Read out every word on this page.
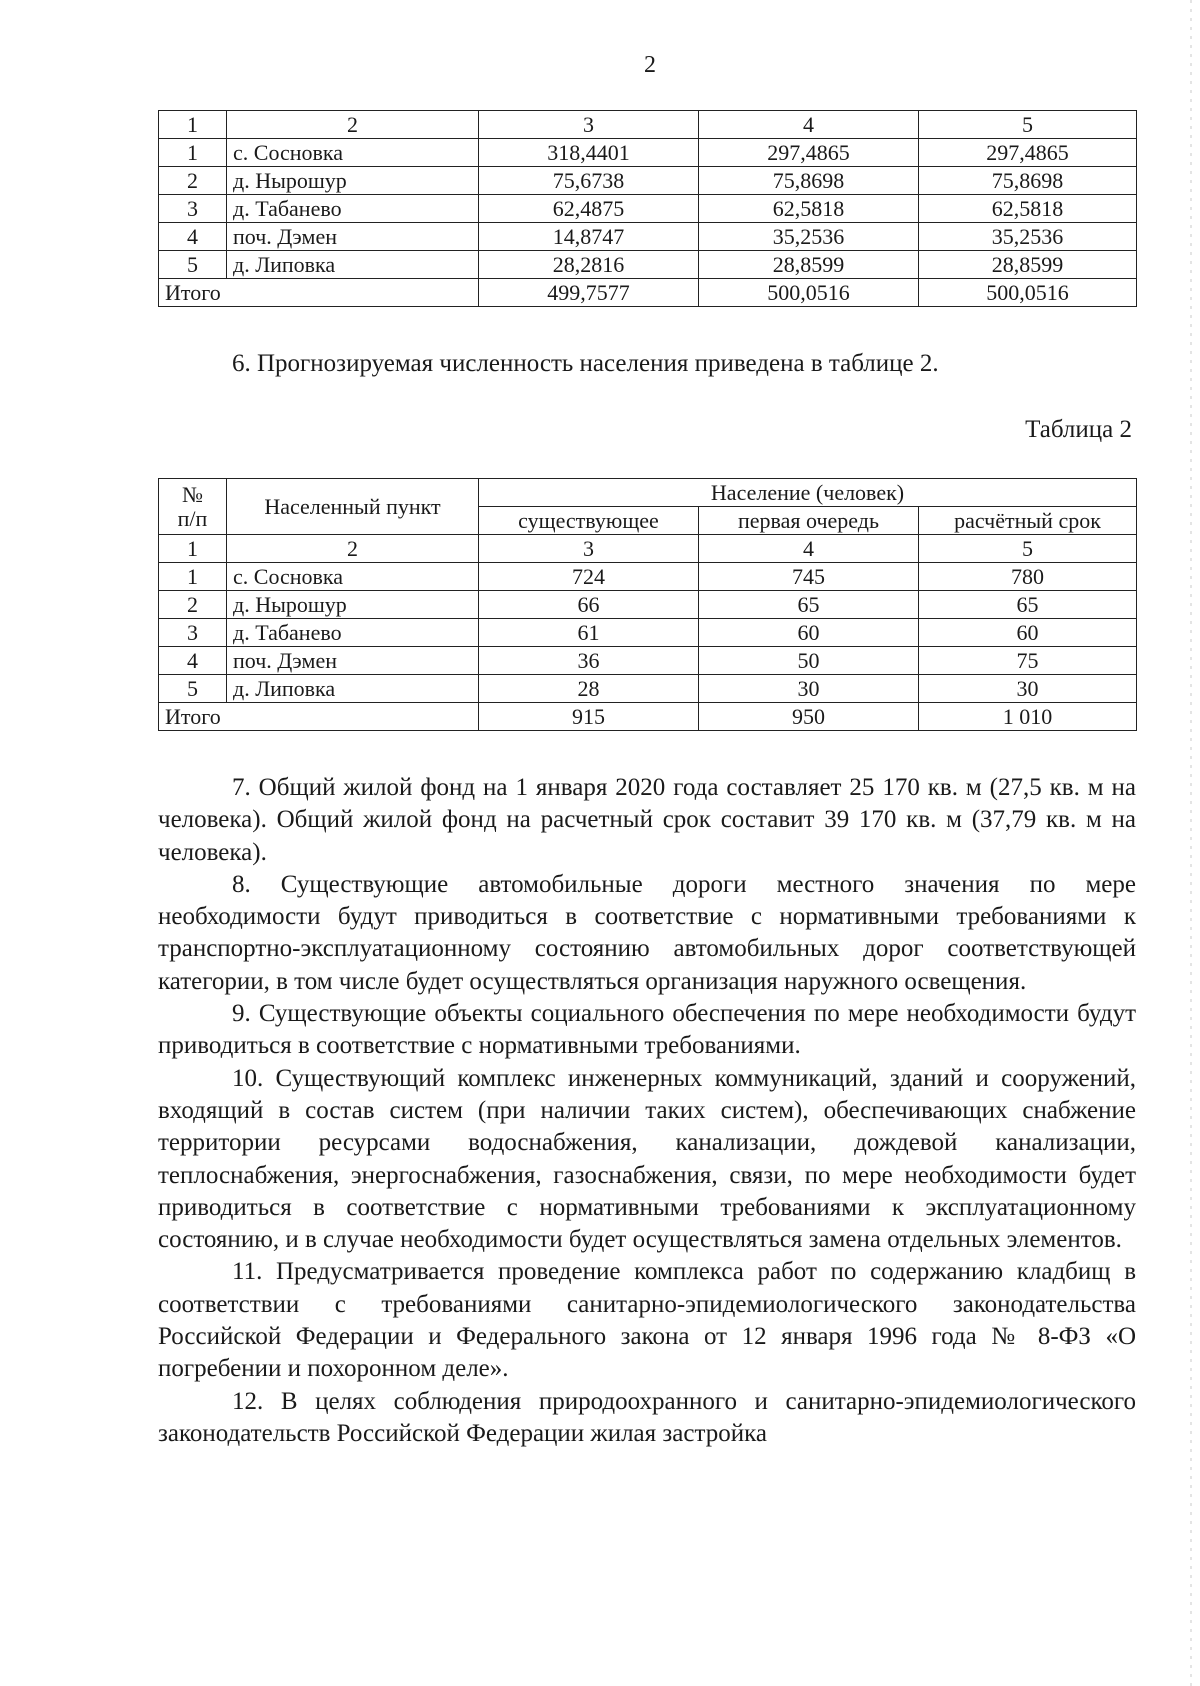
2
1	2	3	4	5
1	с. Сосновка	318,4401	297,4865	297,4865
2	д. Нырошур	75,6738	75,8698	75,8698
3	д. Табанево	62,4875	62,5818	62,5818
4	поч. Дэмен	14,8747	35,2536	35,2536
5	д. Липовка	28,2816	28,8599	28,8599
Итого		499,7577	500,0516	500,0516
6. Прогнозируемая численность населения приведена в таблице 2.
Таблица 2
№
п/п	Населенный пункт	Население (человек)		
		существующее	первая очередь	расчётный срок
1	2	3	4	5
1	с. Сосновка	724	745	780
2	д. Нырошур	66	65	65
3	д. Табанево	61	60	60
4	поч. Дэмен	36	50	75
5	д. Липовка	28	30	30
Итого		915	950	1 010

7. Общий жилой фонд на 1 января 2020 года составляет 25 170 кв. м (27,5 кв. м на человека). Общий жилой фонд на расчетный срок составит 39 170 кв. м (37,79 кв. м на человека).

8. Существующие автомобильные дороги местного значения по мере необходимости будут приводиться в соответствие с нормативными требованиями к транспортно-эксплуатационному состоянию автомобильных дорог соответствующей категории, в том числе будет осуществляться организация наружного освещения.

9. Существующие объекты социального обеспечения по мере необходимости будут приводиться в соответствие с нормативными требованиями.

10. Существующий комплекс инженерных коммуникаций, зданий и сооружений, входящий в состав систем (при наличии таких систем), обеспечивающих снабжение территории ресурсами водоснабжения, канализации, дождевой канализации, теплоснабжения, энергоснабжения, газоснабжения, связи, по мере необходимости будет приводиться в соответствие с нормативными требованиями к эксплуатационному состоянию, и в случае необходимости будет осуществляться замена отдельных элементов.

11. Предусматривается проведение комплекса работ по содержанию кладбищ в соответствии с требованиями санитарно-эпидемиологического законодательства Российской Федерации и Федерального закона от 12 января 1996 года № 8-ФЗ «О погребении и похоронном деле».

12. В целях соблюдения природоохранного и санитарно-эпидемиологического законодательств Российской Федерации жилая застройка
